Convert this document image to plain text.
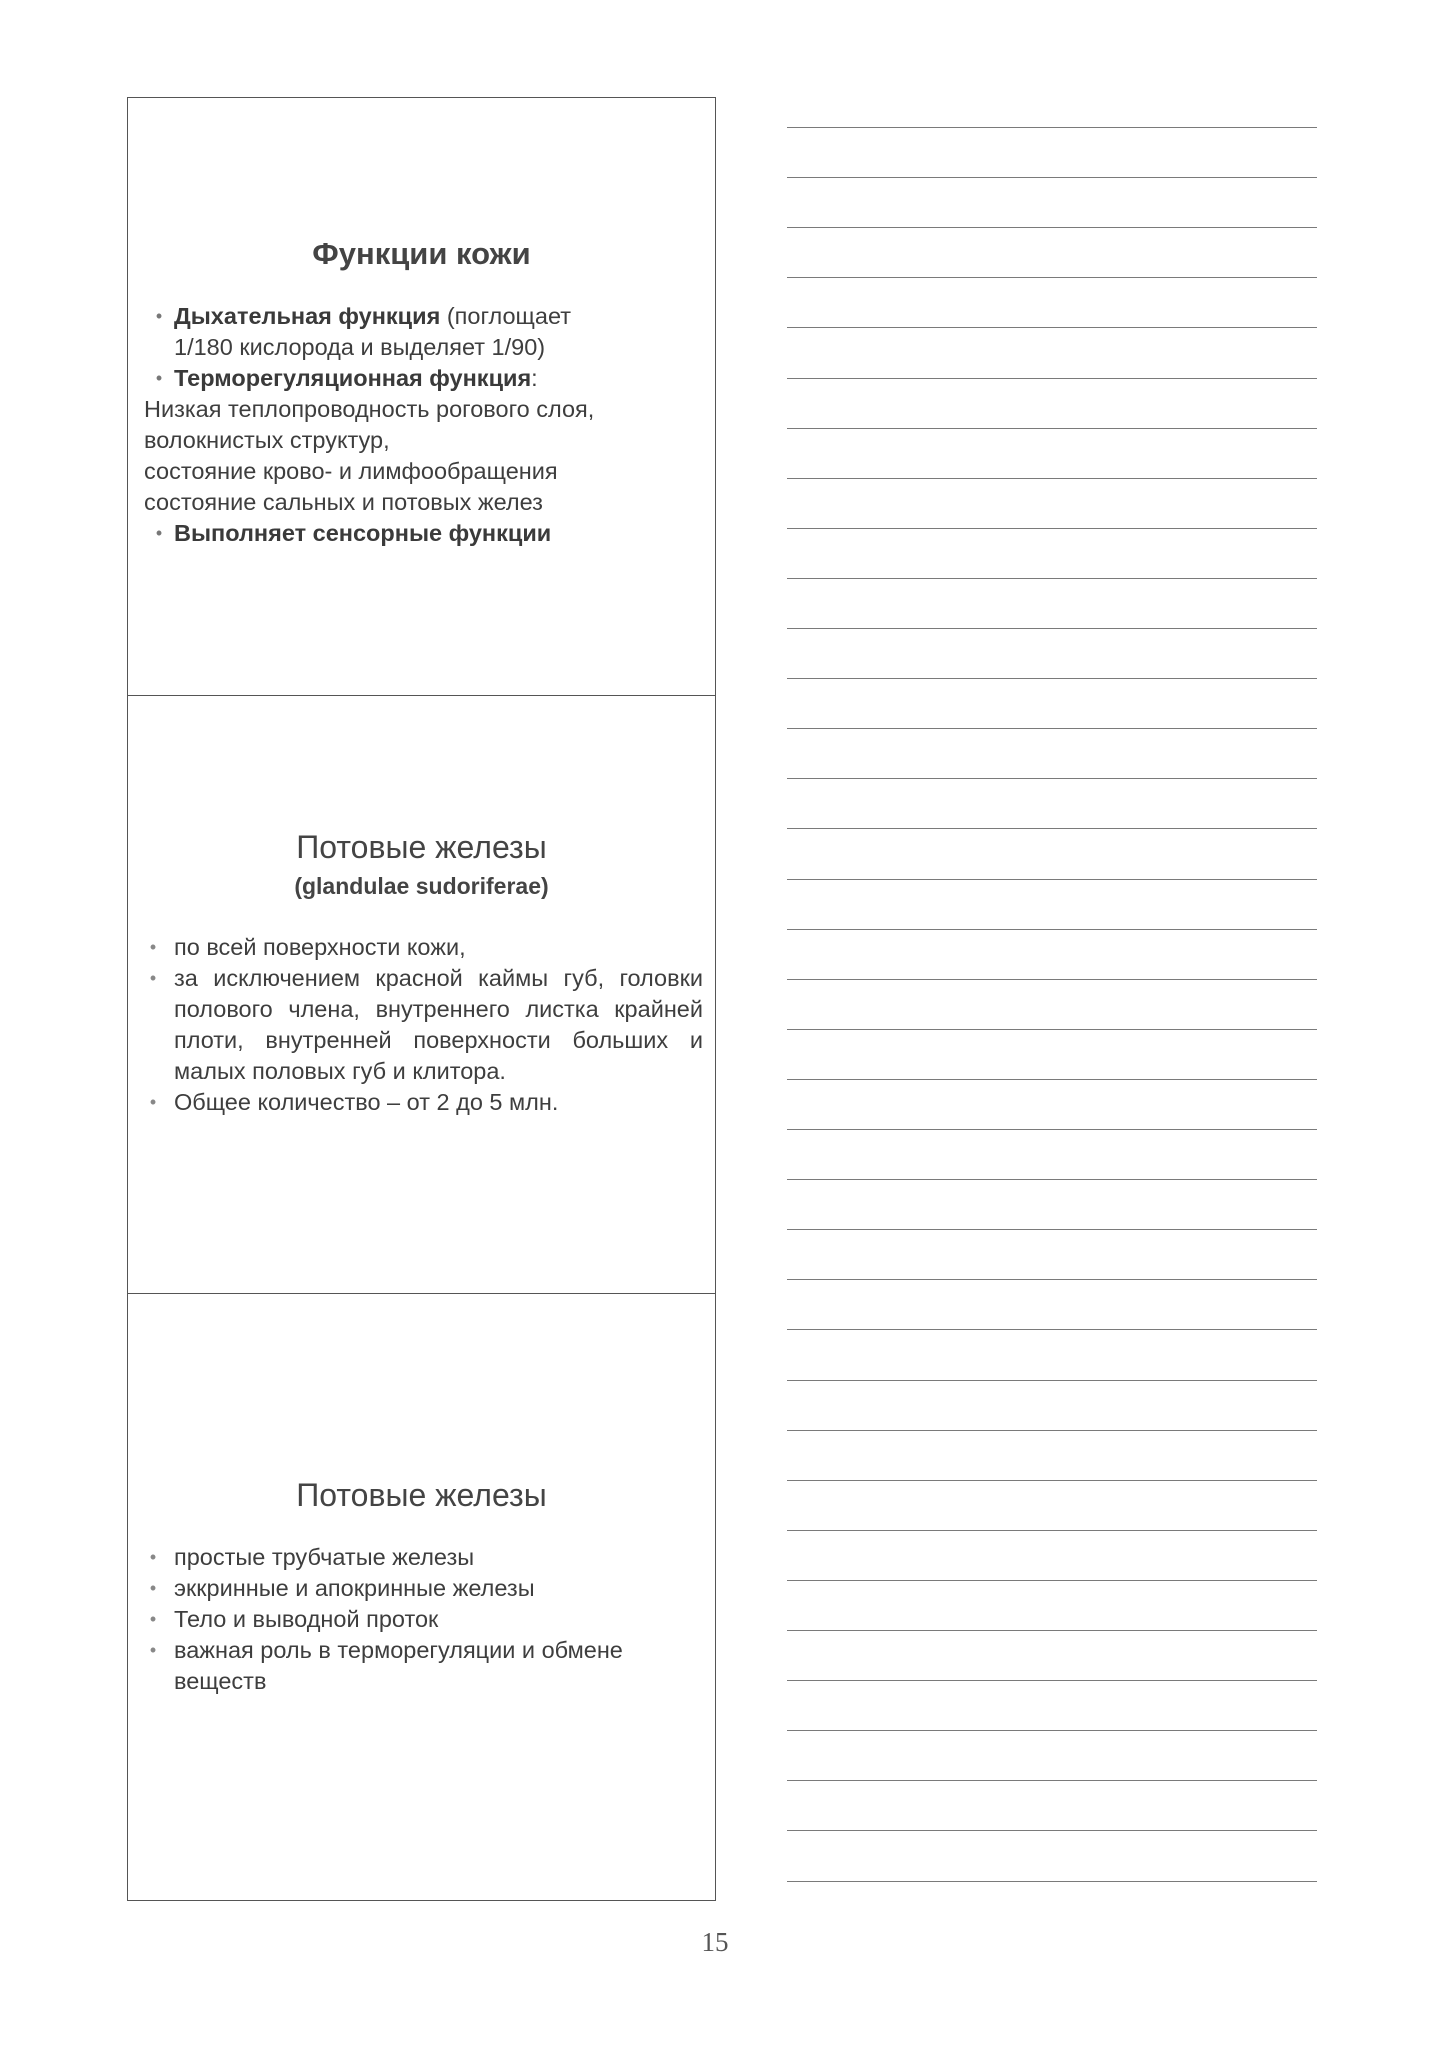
Функции кожи
• Дыхательная функция (поглощает
1/180 кислорода и выделяет 1/90)
• Терморегуляционная функция:
Низкая теплопроводность рогового слоя,
волокнистых структур,
состояние крово- и лимфообращения
состояние сальных и потовых желез
• Выполняет сенсорные функции
Потовые железы
(glandulae sudoriferae)
• по всей поверхности кожи,
• за исключением красной каймы губ, головки полового члена, внутреннего листка крайней плоти, внутренней поверхности больших и малых половых губ и клитора.
• Общее количество – от 2 до 5 млн.
Потовые железы
• простые трубчатые железы
• эккринные и апокринные железы
• Тело и выводной проток
• важная роль в терморегуляции и обмене веществ
15
